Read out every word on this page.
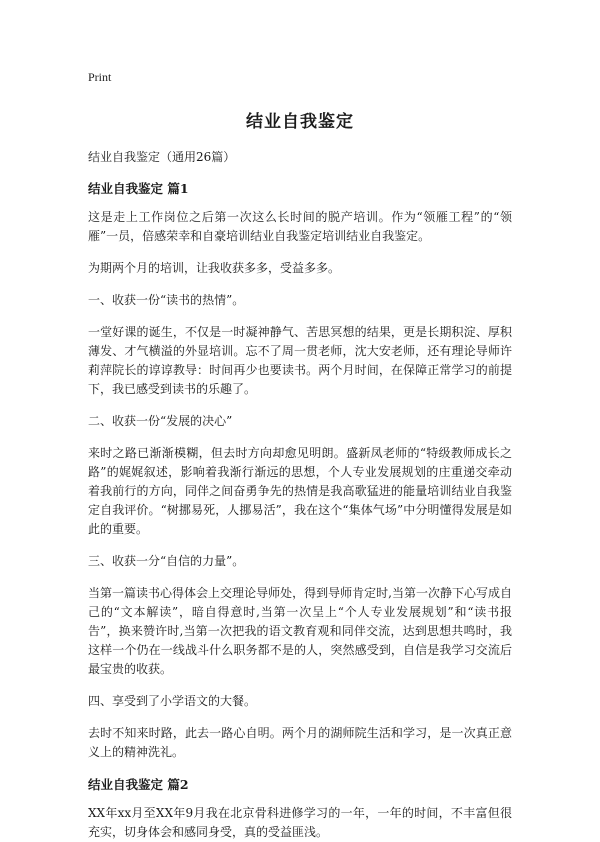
Print
结业自我鉴定

结业自我鉴定（通用26篇）

结业自我鉴定 篇1

这是走上工作岗位之后第一次这么长时间的脱产培训。作为“领雁工程”的“领雁”一员，倍感荣幸和自豪培训结业自我鉴定培训结业自我鉴定。

为期两个月的培训，让我收获多多，受益多多。

一、收获一份“读书的热情”。

一堂好课的诞生，不仅是一时凝神静气、苦思冥想的结果，更是长期积淀、厚积薄发、才气横溢的外显培训。忘不了周一贯老师，沈大安老师，还有理论导师许莉萍院长的谆谆教导：时间再少也要读书。两个月时间，在保障正常学习的前提下，我已感受到读书的乐趣了。

二、收获一份“发展的决心”

来时之路已渐渐模糊，但去时方向却愈见明朗。盛新凤老师的“特级教师成长之路”的娓娓叙述，影响着我渐行渐远的思想，个人专业发展规划的庄重递交牵动着我前行的方向，同伴之间奋勇争先的热情是我高歌猛进的能量培训结业自我鉴定自我评价。“树挪易死，人挪易活”，我在这个“集体气场”中分明懂得发展是如此的重要。

三、收获一分“自信的力量”。

当第一篇读书心得体会上交理论导师处，得到导师肯定时,当第一次静下心写成自己的“文本解读”，暗自得意时,当第一次呈上“个人专业发展规划”和“读书报告”，换来赞许时,当第一次把我的语文教育观和同伴交流，达到思想共鸣时，我这样一个仍在一线战斗什么职务都不是的人，突然感受到，自信是我学习交流后最宝贵的收获。

四、享受到了小学语文的大餐。

去时不知来时路，此去一路心自明。两个月的湖师院生活和学习，是一次真正意义上的精神洗礼。

结业自我鉴定 篇2

XX年xx月至XX年9月我在北京骨科进修学习的一年，一年的时间，不丰富但很充实，切身体会和感同身受，真的受益匪浅。
